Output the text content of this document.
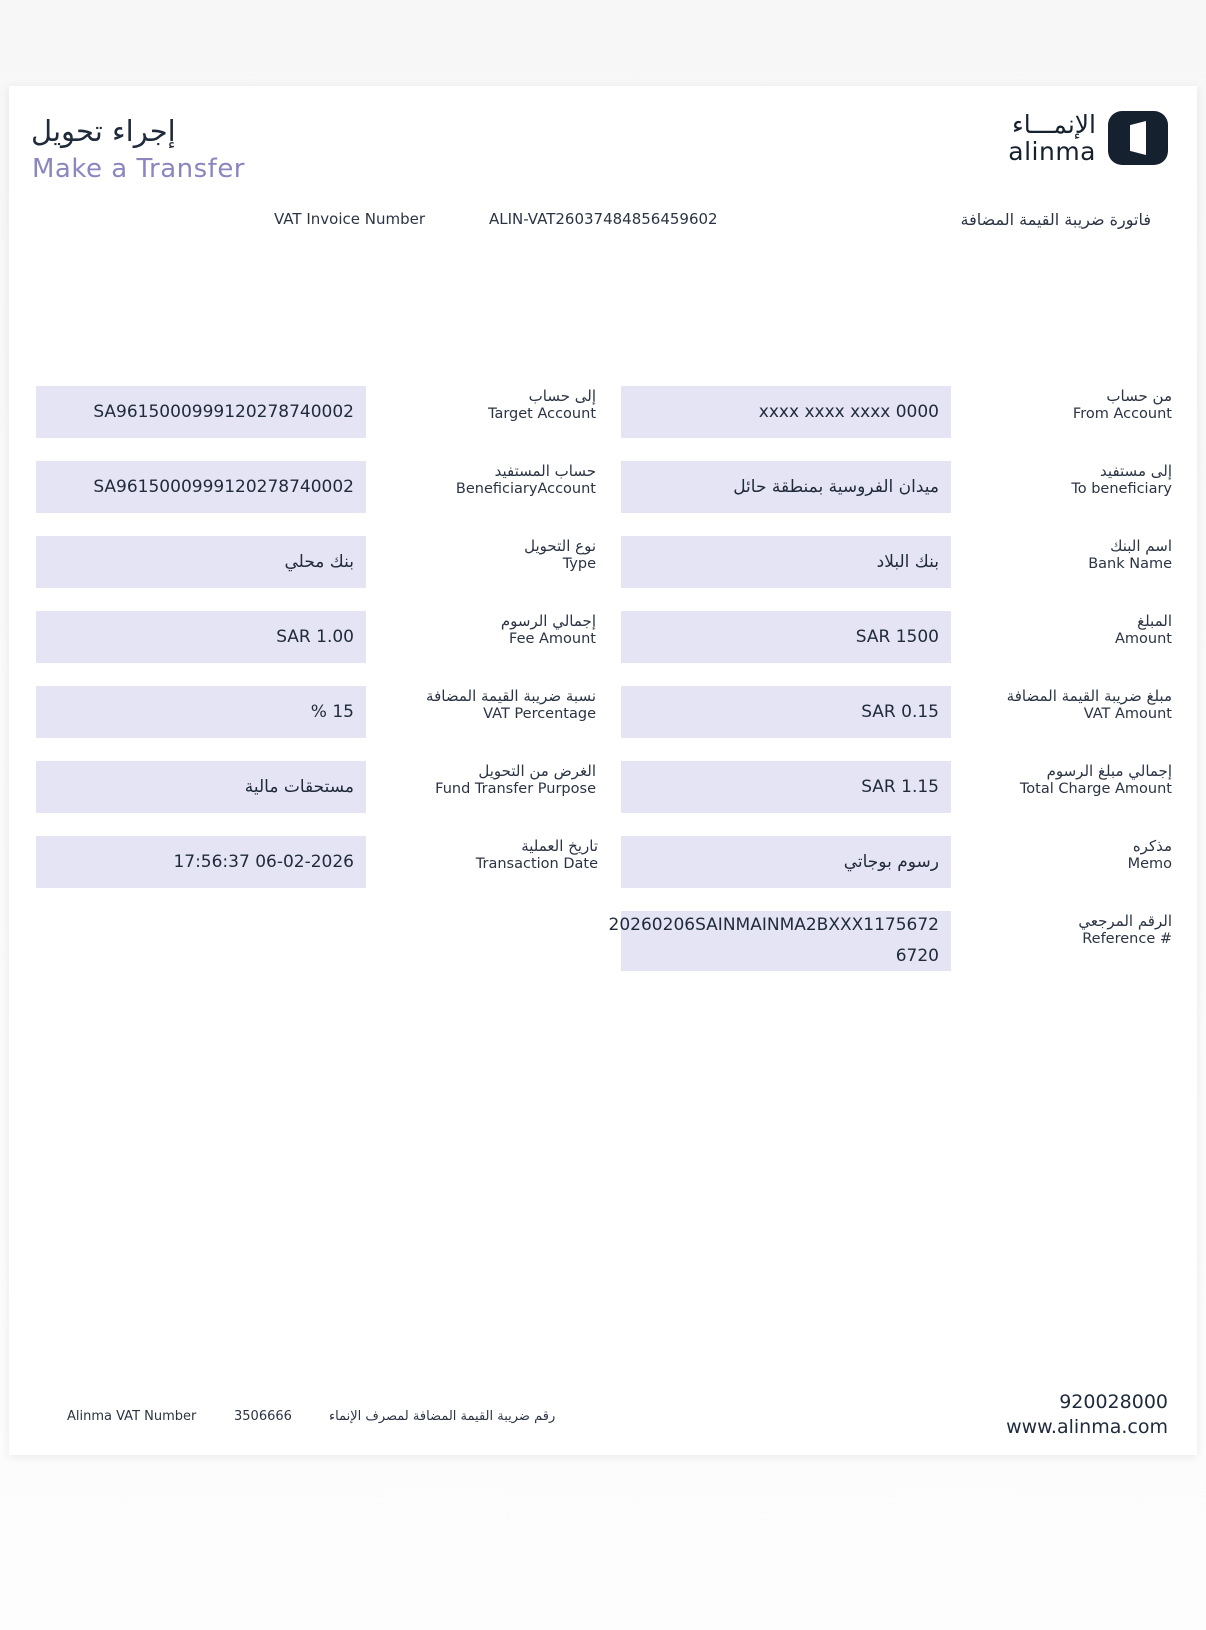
إجراء تحويل
Make a Transfer
الإنمـــاء
alinma
VAT Invoice Number	ALIN-VAT26037484856459602	فاتورة ضريبة القيمة المضافة
من حساب
From Account
xxxx xxxx xxxx 0000
إلى مستفيد
To beneficiary
ميدان الفروسية بمنطقة حائل
اسم البنك
Bank Name
بنك البلاد
المبلغ
Amount
SAR 1500
مبلغ ضريبة القيمة المضافة
VAT Amount
SAR 0.15
إجمالي مبلغ الرسوم
Total Charge Amount
SAR 1.15
مذكره
Memo
رسوم بوجاتي
الرقم المرجعي
Reference #
20260206SAINMAINMA2BXXX1175672
6720
إلى حساب
Target Account
SA9615000999120278740002
حساب المستفيد
BeneficiaryAccount
SA9615000999120278740002
نوع التحويل
Type
بنك محلي
إجمالي الرسوم
Fee Amount
SAR 1.00
نسبة ضريبة القيمة المضافة
VAT Percentage
% 15
الغرض من التحويل
Fund Transfer Purpose
مستحقات مالية
تاريخ العملية
Transaction Date
17:56:37 06-02-2026
Alinma VAT Number	3506666	رقم ضريبة القيمة المضافة لمصرف الإنماء
920028000
www.alinma.com
